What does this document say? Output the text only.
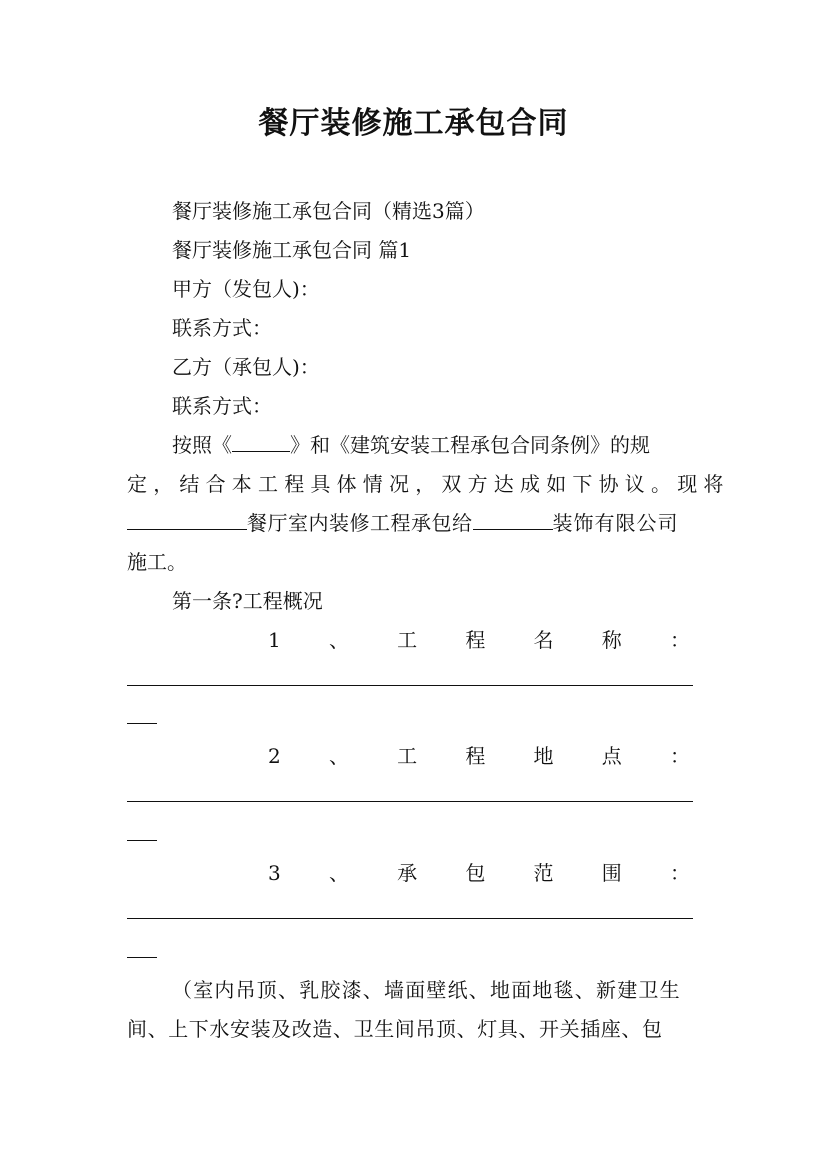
餐厅装修施工承包合同
餐厅装修施工承包合同（精选3篇）
餐厅装修施工承包合同 篇1
甲方（发包人)：
联系方式：
乙方（承包人)：
联系方式：
按照《	》和《建筑安装工程承包合同条例》的规
定，结合本工程具体情况，双方达成如下协议。现将
餐厅室内装修工程承包给	装饰有限公司
施工。
第一条?工程概况
1 、 工 程 名 称 ：
2 、 工 程 地 点 ：
3 、 承 包 范 围 ：
（室内吊顶、乳胶漆、墙面壁纸、地面地毯、新建卫生
间、上下水安装及改造、卫生间吊顶、灯具、开关插座、包
